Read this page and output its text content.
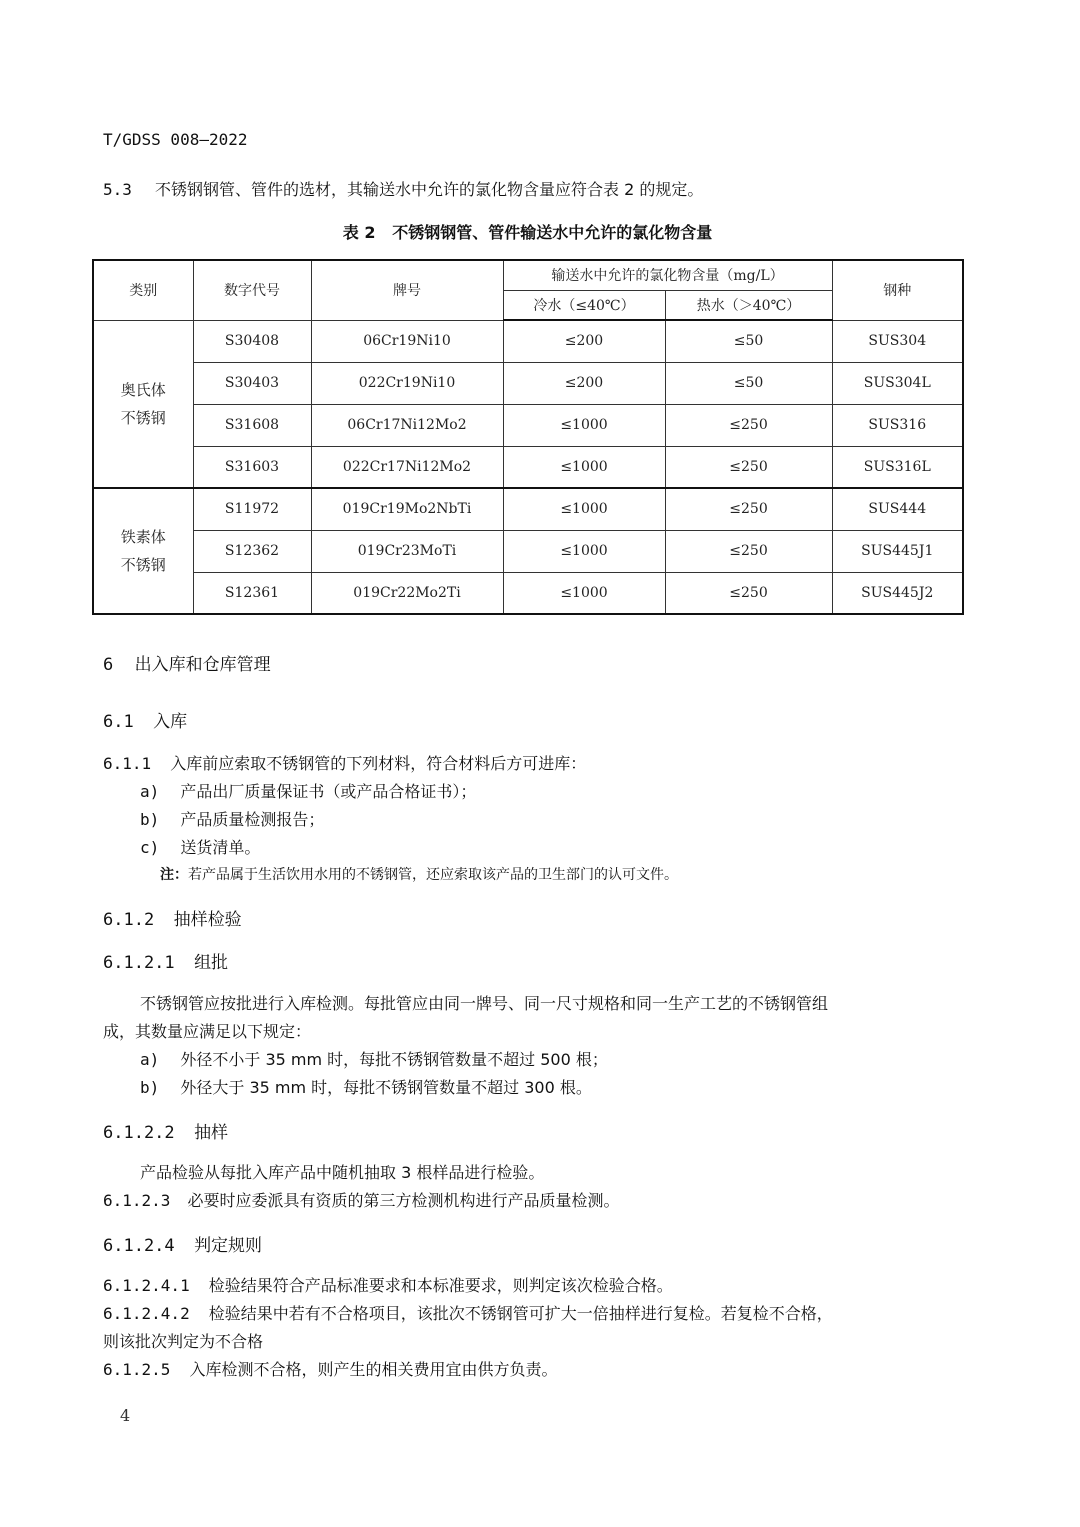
T/GDSS 008—2022
5.3 不锈钢钢管、管件的选材，其输送水中允许的氯化物含量应符合表 2 的规定。
表 2   不锈钢钢管、管件输送水中允许的氯化物含量
类别	数字代号	牌号	输送水中允许的氯化物含量（mg/L）		钢种
			冷水（≤40℃）	热水（＞40℃）	

奥氏体
不锈钢	S30408	06Cr19Ni10	≤200	≤50	SUS304
	S30403	022Cr19Ni10	≤200	≤50	SUS304L
	S31608	06Cr17Ni12Mo2	≤1000	≤250	SUS316
	S31603	022Cr17Ni12Mo2	≤1000	≤250	SUS316L

铁素体
不锈钢	S11972	019Cr19Mo2NbTi	≤1000	≤250	SUS444
	S12362	019Cr23MoTi	≤1000	≤250	SUS445J1
	S12361	019Cr22Mo2Ti	≤1000	≤250	SUS445J2
6 出入库和仓库管理
6.1 入库
6.1.1 入库前应索取不锈钢管的下列材料，符合材料后方可进库：
a) 产品出厂质量保证书（或产品合格证书）；
b) 产品质量检测报告；
c) 送货清单。
注：若产品属于生活饮用水用的不锈钢管，还应索取该产品的卫生部门的认可文件。
6.1.2 抽样检验
6.1.2.1 组批
不锈钢管应按批进行入库检测。每批管应由同一牌号、同一尺寸规格和同一生产工艺的不锈钢管组
成，其数量应满足以下规定：
a) 外径不小于 35 mm 时，每批不锈钢管数量不超过 500 根；
b) 外径大于 35 mm 时，每批不锈钢管数量不超过 300 根。
6.1.2.2 抽样
产品检验从每批入库产品中随机抽取 3 根样品进行检验。
6.1.2.3 必要时应委派具有资质的第三方检测机构进行产品质量检测。
6.1.2.4 判定规则
6.1.2.4.1 检验结果符合产品标准要求和本标准要求，则判定该次检验合格。
6.1.2.4.2 检验结果中若有不合格项目，该批次不锈钢管可扩大一倍抽样进行复检。若复检不合格，
则该批次判定为不合格
6.1.2.5 入库检测不合格，则产生的相关费用宜由供方负责。
4
